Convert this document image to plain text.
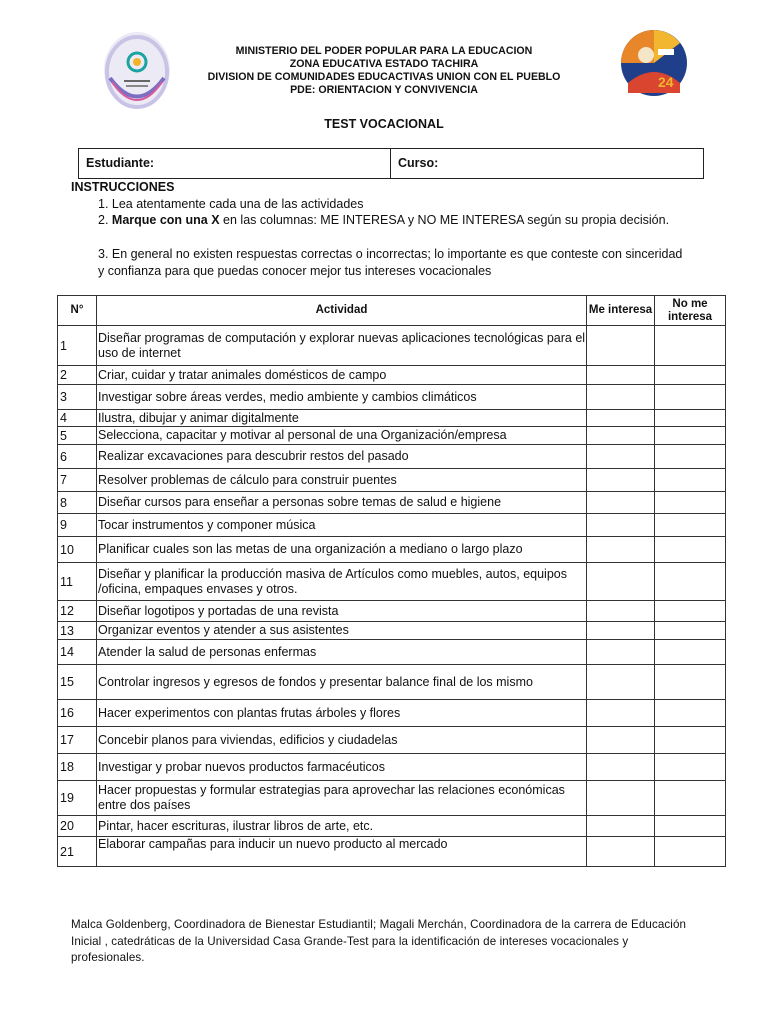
24
MINISTERIO DEL PODER POPULAR PARA LA EDUCACION
ZONA EDUCATIVA ESTADO TACHIRA
DIVISION DE COMUNIDADES EDUCACTIVAS UNION CON EL PUEBLO
PDE: ORIENTACION Y CONVIVENCIA
TEST VOCACIONAL
Estudiante:	Curso:
INSTRUCCIONES
1. Lea atentamente cada una de las actividades
2. Marque con una X en las columnas: ME INTERESA y NO ME INTERESA según su propia decisión.
3. En general no existen respuestas correctas o incorrectas; lo importante es que conteste con sinceridad y confianza para que puedas conocer mejor tus intereses vocacionales
N°	Actividad	Me interesa	No me interesa
1	Diseñar programas de computación y explorar nuevas aplicaciones tecnológicas para el uso de internet		
2	Criar, cuidar y tratar animales domésticos de campo		
3	Investigar sobre áreas verdes, medio ambiente y cambios climáticos		
4	Ilustra, dibujar y animar digitalmente		
5	Selecciona, capacitar y motivar al personal de una Organización/empresa		
6	Realizar excavaciones para descubrir restos del pasado		
7	Resolver problemas de cálculo para construir puentes		
8	Diseñar cursos para enseñar a personas sobre temas de salud e higiene		
9	Tocar instrumentos y componer música		
10	Planificar cuales son las metas de una organización a mediano o largo plazo		
11	Diseñar y planificar la producción masiva de Artículos como muebles, autos, equipos /oficina, empaques envases y otros.		
12	Diseñar logotipos y portadas de una revista		
13	Organizar eventos y atender a sus asistentes		
14	Atender la salud de personas enfermas		
15	Controlar ingresos y egresos de fondos y presentar balance final de los mismo		
16	Hacer experimentos con plantas frutas árboles y flores		
17	Concebir planos para viviendas, edificios y ciudadelas		
18	Investigar y probar nuevos productos farmacéuticos		
19	Hacer propuestas y formular estrategias para aprovechar las relaciones económicas entre dos países		
20	Pintar, hacer escrituras, ilustrar libros de arte, etc.		
21	Elaborar campañas para inducir un nuevo producto al mercado		
Malca Goldenberg, Coordinadora de Bienestar Estudiantil; Magali Merchán, Coordinadora de la carrera de Educación Inicial , catedráticas de la Universidad Casa Grande-Test para la identificación de intereses vocacionales y profesionales.
